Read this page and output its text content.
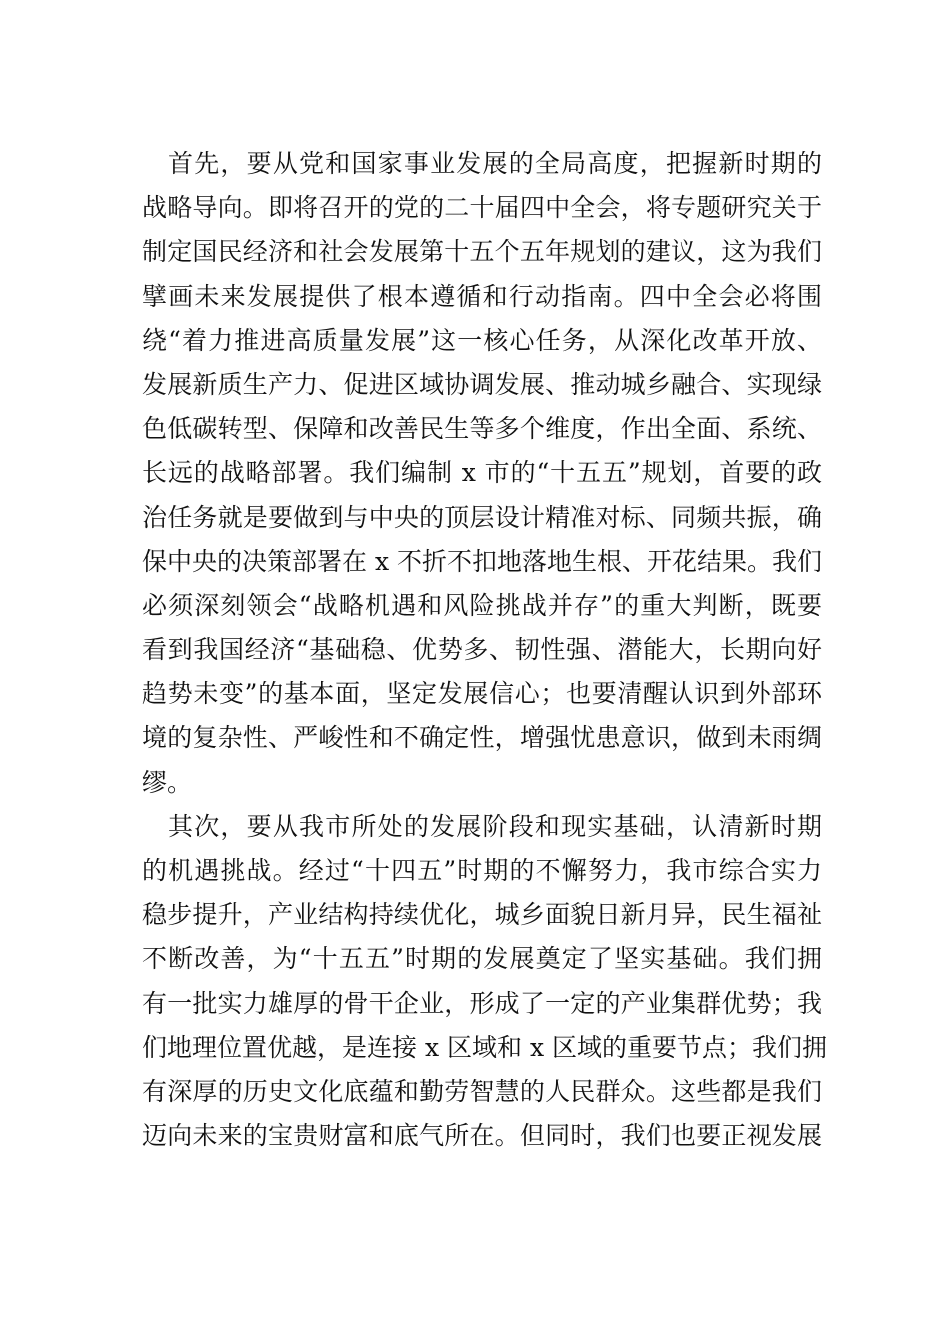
首先，要从党和国家事业发展的全局高度，把握新时期的
战略导向。即将召开的党的二十届四中全会，将专题研究关于
制定国民经济和社会发展第十五个五年规划的建议，这为我们
擘画未来发展提供了根本遵循和行动指南。四中全会必将围
绕“着力推进高质量发展”这一核心任务，从深化改革开放、
发展新质生产力、促进区域协调发展、推动城乡融合、实现绿
色低碳转型、保障和改善民生等多个维度，作出全面、系统、
长远的战略部署。我们编制 x 市的“十五五”规划，首要的政
治任务就是要做到与中央的顶层设计精准对标、同频共振，确
保中央的决策部署在 x 不折不扣地落地生根、开花结果。我们
必须深刻领会“战略机遇和风险挑战并存”的重大判断，既要
看到我国经济“基础稳、优势多、韧性强、潜能大，长期向好
趋势未变”的基本面，坚定发展信心；也要清醒认识到外部环
境的复杂性、严峻性和不确定性，增强忧患意识，做到未雨绸
缪。
其次，要从我市所处的发展阶段和现实基础，认清新时期
的机遇挑战。经过“十四五”时期的不懈努力，我市综合实力
稳步提升，产业结构持续优化，城乡面貌日新月异，民生福祉
不断改善，为“十五五”时期的发展奠定了坚实基础。我们拥
有一批实力雄厚的骨干企业，形成了一定的产业集群优势；我
们地理位置优越，是连接 x 区域和 x 区域的重要节点；我们拥
有深厚的历史文化底蕴和勤劳智慧的人民群众。这些都是我们
迈向未来的宝贵财富和底气所在。但同时，我们也要正视发展
